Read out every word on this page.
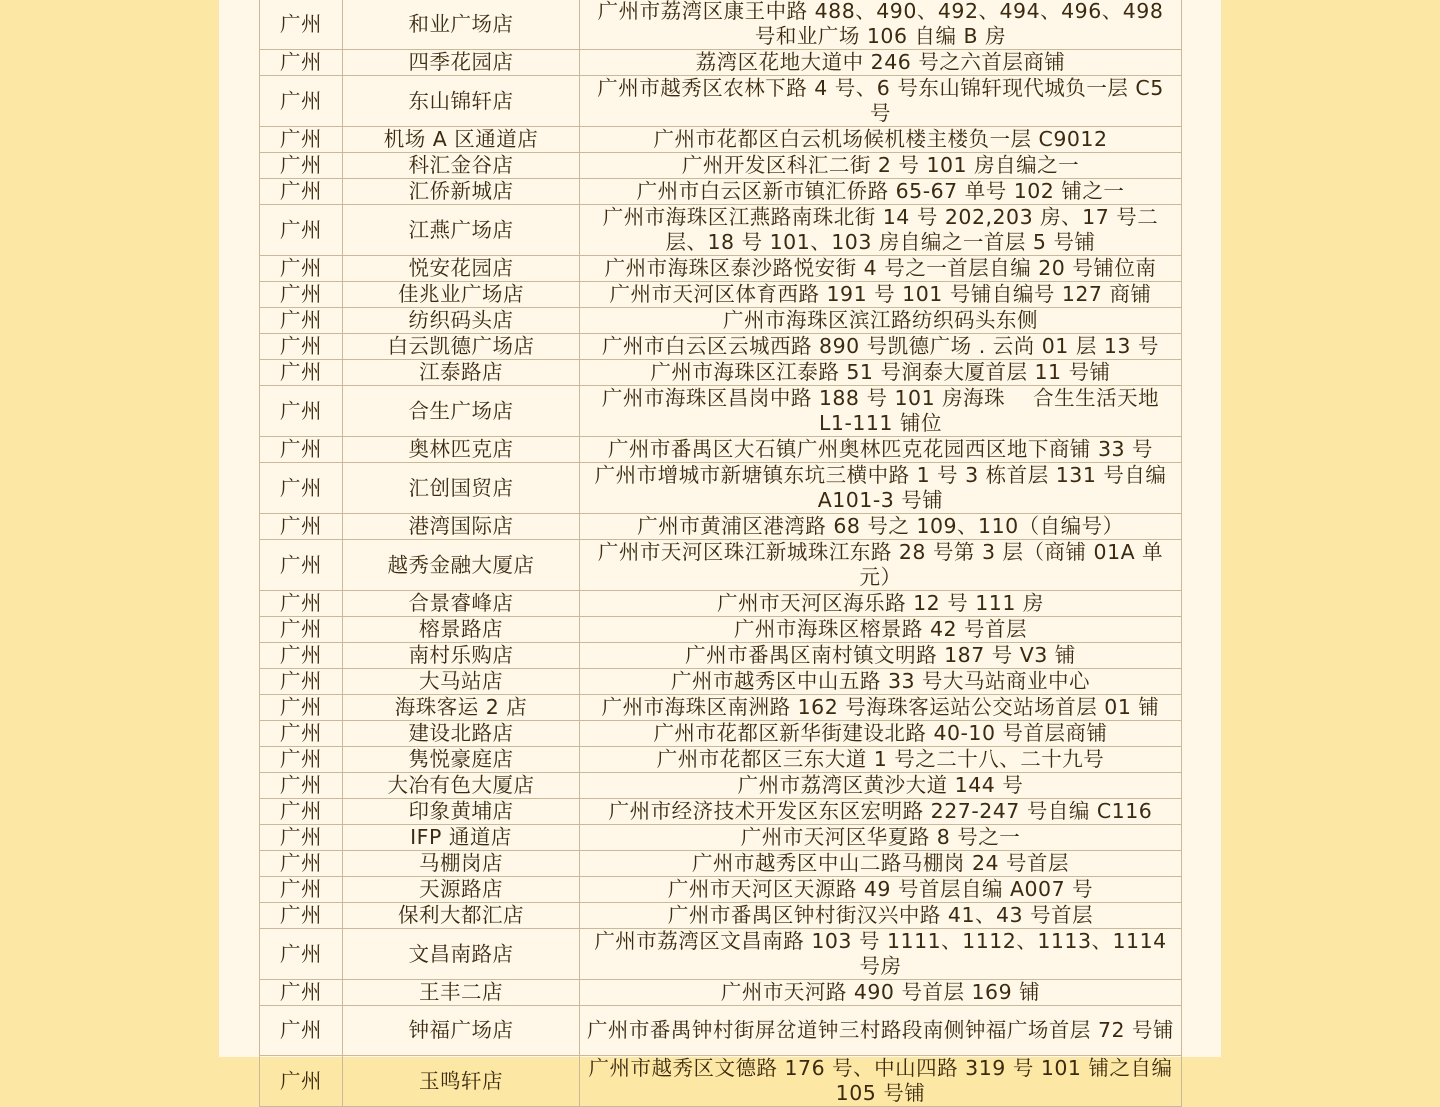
广州	和业广场店	广州市荔湾区康王中路 488、490、492、494、496、498 号和业广场 106 自编 B 房
广州	四季花园店	荔湾区花地大道中 246 号之六首层商铺
广州	东山锦轩店	广州市越秀区农林下路 4 号、6 号东山锦轩现代城负一层 C5 号
广州	机场 A 区通道店	广州市花都区白云机场候机楼主楼负一层 C9012
广州	科汇金谷店	广州开发区科汇二街 2 号 101 房自编之一
广州	汇侨新城店	广州市白云区新市镇汇侨路 65-67 单号 102 铺之一
广州	江燕广场店	广州市海珠区江燕路南珠北街 14 号 202,203 房、17 号二层、18 号 101、103 房自编之一首层 5 号铺
广州	悦安花园店	广州市海珠区泰沙路悦安街 4 号之一首层自编 20 号铺位南
广州	佳兆业广场店	广州市天河区体育西路 191 号 101 号铺自编号 127 商铺
广州	纺织码头店	广州市海珠区滨江路纺织码头东侧
广州	白云凯德广场店	广州市白云区云城西路 890 号凯德广场 . 云尚 01 层 13 号
广州	江泰路店	广州市海珠区江泰路 51 号润泰大厦首层 11 号铺
广州	合生广场店	广州市海珠区昌岗中路 188 号 101 房海珠　 合生生活天地 L1-111 铺位
广州	奥林匹克店	广州市番禺区大石镇广州奥林匹克花园西区地下商铺 33 号
广州	汇创国贸店	广州市增城市新塘镇东坑三横中路 1 号 3 栋首层 131 号自编 A101-3 号铺
广州	港湾国际店	广州市黄浦区港湾路 68 号之 109、110（自编号）
广州	越秀金融大厦店	广州市天河区珠江新城珠江东路 28 号第 3 层（商铺 01A 单元）
广州	合景睿峰店	广州市天河区海乐路 12 号 111 房
广州	榕景路店	广州市海珠区榕景路 42 号首层
广州	南村乐购店	广州市番禺区南村镇文明路 187 号 V3 铺
广州	大马站店	广州市越秀区中山五路 33 号大马站商业中心
广州	海珠客运 2 店	广州市海珠区南洲路 162 号海珠客运站公交站场首层 01 铺
广州	建设北路店	广州市花都区新华街建设北路 40-10 号首层商铺
广州	隽悦豪庭店	广州市花都区三东大道 1 号之二十八、二十九号
广州	大冶有色大厦店	广州市荔湾区黄沙大道 144 号
广州	印象黄埔店	广州市经济技术开发区东区宏明路 227-247 号自编 C116
广州	IFP 通道店	广州市天河区华夏路 8 号之一
广州	马棚岗店	广州市越秀区中山二路马棚岗 24 号首层
广州	天源路店	广州市天河区天源路 49 号首层自编 A007 号
广州	保利大都汇店	广州市番禺区钟村街汉兴中路 41、43 号首层
广州	文昌南路店	广州市荔湾区文昌南路 103 号 1111、1112、1113、1114 号房
广州	王丰二店	广州市天河路 490 号首层 169 铺
广州	钟福广场店	广州市番禺钟村街屏岔道钟三村路段南侧钟福广场首层 72 号铺
广州	玉鸣轩店	广州市越秀区文德路 176 号、中山四路 319 号 101 铺之自编 105 号铺
